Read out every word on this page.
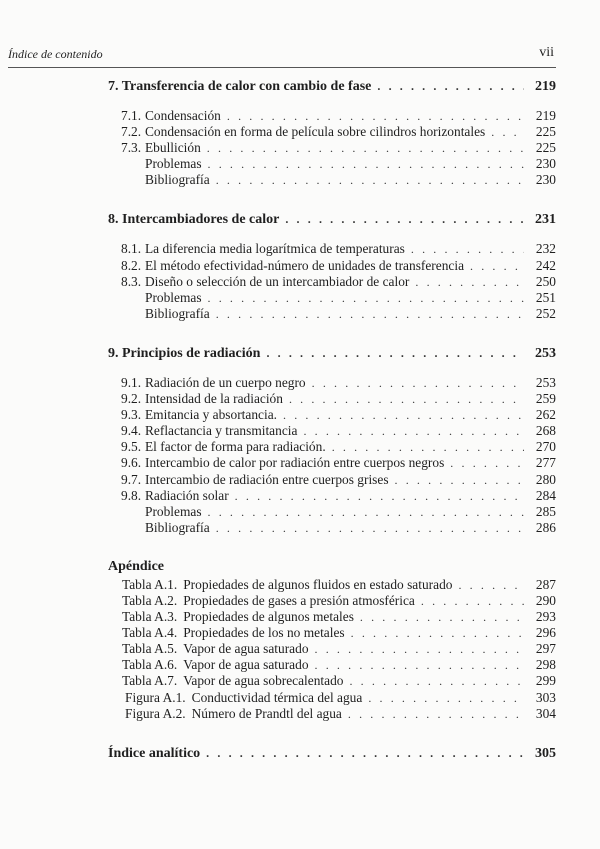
Índice de contenido	vii
7. Transferencia de calor con cambio de fase . . .	219
7.1. Condensación . . .	219
7.2. Condensación en forma de película sobre cilindros horizontales . . .	225
7.3. Ebullición . . .	225
Problemas . . .	230
Bibliografía . . .	230
8. Intercambiadores de calor . . .	231
8.1. La diferencia media logarítmica de temperaturas . . .	232
8.2. El método efectividad-número de unidades de transferencia . . .	242
8.3. Diseño o selección de un intercambiador de calor . . .	250
Problemas . . .	251
Bibliografía . . .	252
9. Principios de radiación . . .	253
9.1. Radiación de un cuerpo negro . . .	253
9.2. Intensidad de la radiación . . .	259
9.3. Emitancia y absortancia. . . .	262
9.4. Reflactancia y transmitancia . . .	268
9.5. El factor de forma para radiación. . . .	270
9.6. Intercambio de calor por radiación entre cuerpos negros . . .	277
9.7. Intercambio de radiación entre cuerpos grises . . .	280
9.8. Radiación solar . . .	284
Problemas . . .	285
Bibliografía . . .	286
Apéndice
Tabla A.1. Propiedades de algunos fluidos en estado saturado . . .	287
Tabla A.2. Propiedades de gases a presión atmosférica . . .	290
Tabla A.3. Propiedades de algunos metales . . .	293
Tabla A.4. Propiedades de los no metales . . .	296
Tabla A.5. Vapor de agua saturado . . .	297
Tabla A.6. Vapor de agua saturado . . .	298
Tabla A.7. Vapor de agua sobrecalentado . . .	299
Figura A.1. Conductividad térmica del agua . . .	303
Figura A.2. Número de Prandtl del agua . . .	304
Índice analítico . . .	305
